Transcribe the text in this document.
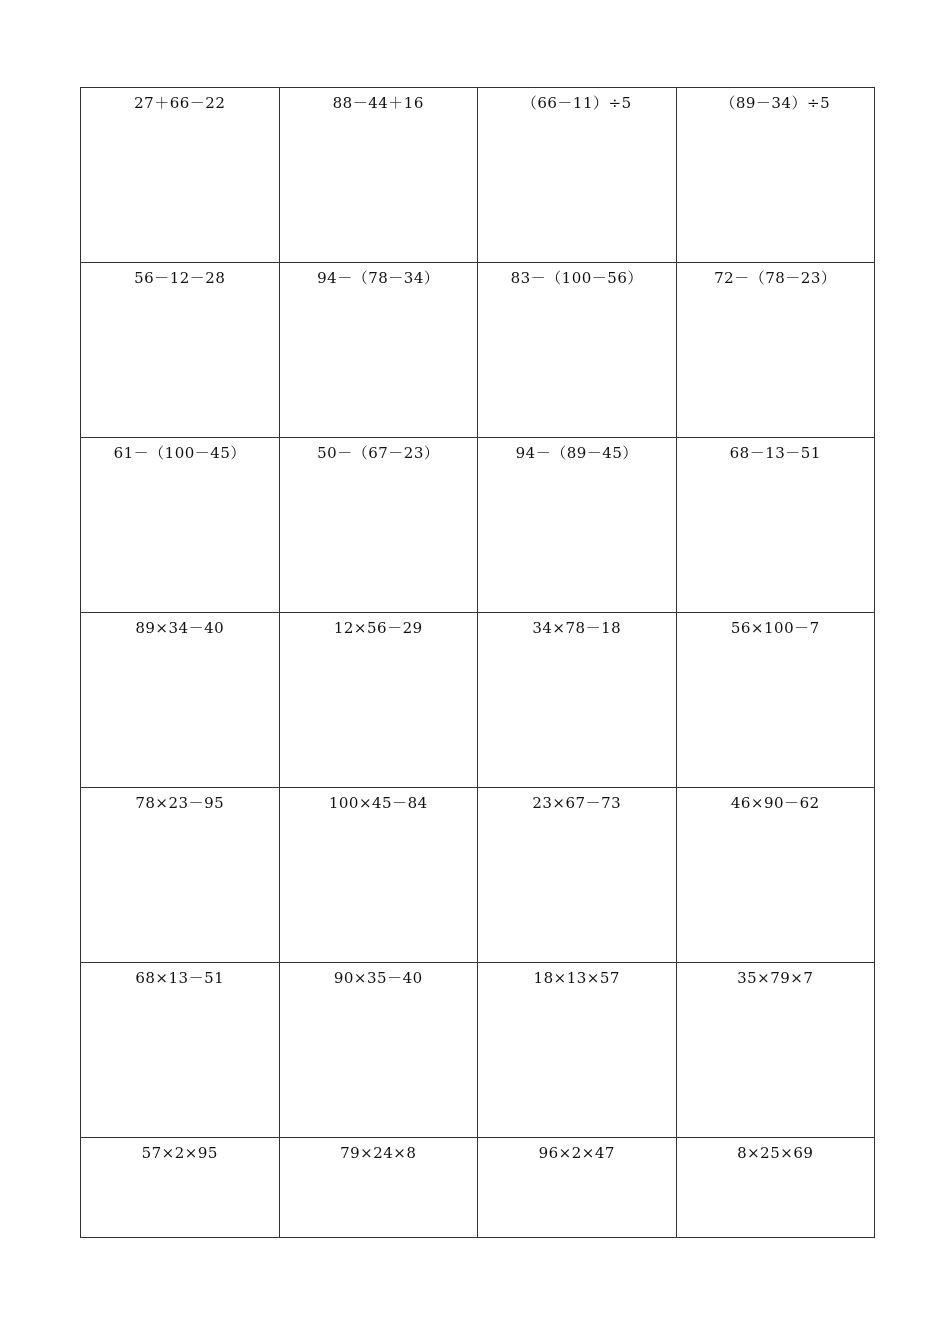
27＋66－22	88－44＋16	（66－11）÷5	（89－34）÷5

56－12－28	94－（78－34）	83－（100－56）	72－（78－23）

61－（100－45）	50－（67－23）	94－（89－45）	68－13－51

89×34－40	12×56－29	34×78－18	56×100－7

78×23－95	100×45－84	23×67－73	46×90－62

68×13－51	90×35－40	18×13×57	35×79×7

57×2×95	79×24×8	96×2×47	8×25×69
